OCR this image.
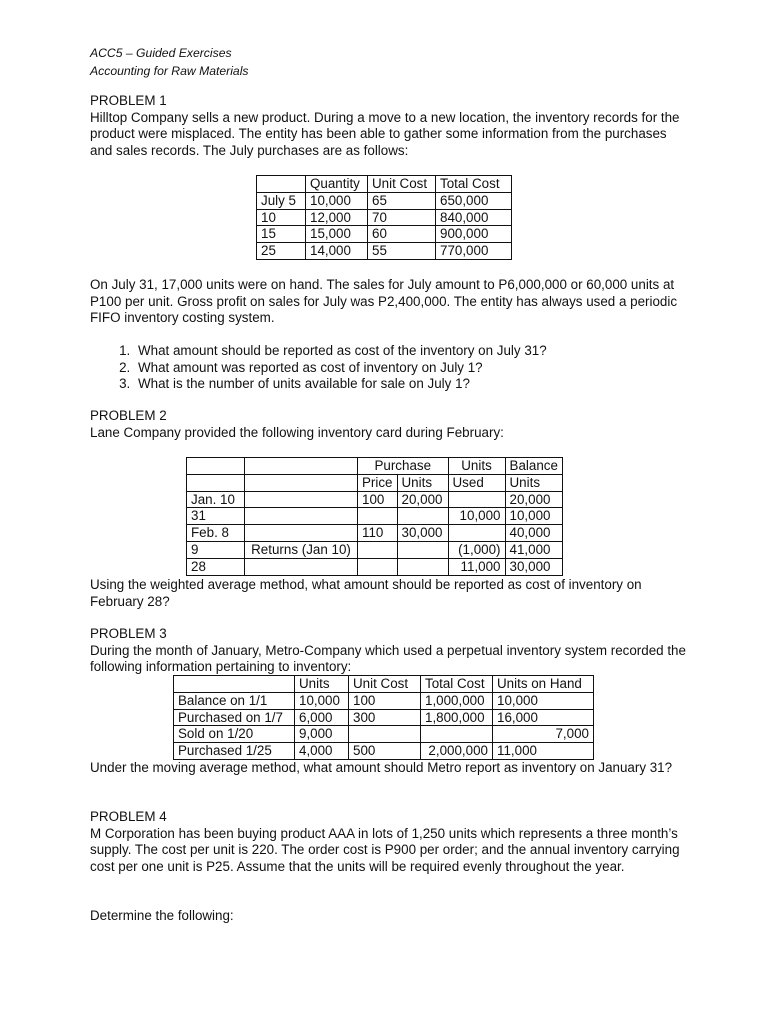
ACC5 – Guided Exercises

Accounting for Raw Materials

PROBLEM 1

Hilltop Company sells a new product. During a move to a new location, the inventory records for the product were misplaced. The entity has been able to gather some information from the purchases and sales records. The July purchases are as follows:

	Quantity	Unit Cost	Total Cost
July 5	10,000	65	650,000
10	12,000	70	840,000
15	15,000	60	900,000
25	14,000	55	770,000

On July 31, 17,000 units were on hand. The sales for July amount to P6,000,000 or 60,000 units at P100 per unit. Gross profit on sales for July was P2,400,000. The entity has always used a periodic FIFO inventory costing system.

1. What amount should be reported as cost of the inventory on July 31?
2. What amount was reported as cost of inventory on July 1?
3. What is the number of units available for sale on July 1?

PROBLEM 2

Lane Company provided the following inventory card during February:

		Purchase		Units	Balance
		Price	Units	Used	Units
Jan. 10		100	20,000		20,000
31				10,000	10,000
Feb. 8		110	30,000		40,000
9	Returns (Jan 10)			(1,000)	41,000
28				11,000	30,000

Using the weighted average method, what amount should be reported as cost of inventory on February 28?

PROBLEM 3

During the month of January, Metro-Company which used a perpetual inventory system recorded the following information pertaining to inventory:

	Units	Unit Cost	Total Cost	Units on Hand
Balance on 1/1	10,000	100	1,000,000	10,000
Purchased on 1/7	6,000	300	1,800,000	16,000
Sold on 1/20	9,000			7,000
Purchased 1/25	4,000	500	2,000,000	11,000

Under the moving average method, what amount should Metro report as inventory on January 31?

PROBLEM 4

M Corporation has been buying product AAA in lots of 1,250 units which represents a three month’s supply. The cost per unit is 220. The order cost is P900 per order; and the annual inventory carrying cost per one unit is P25. Assume that the units will be required evenly throughout the year.

Determine the following:
